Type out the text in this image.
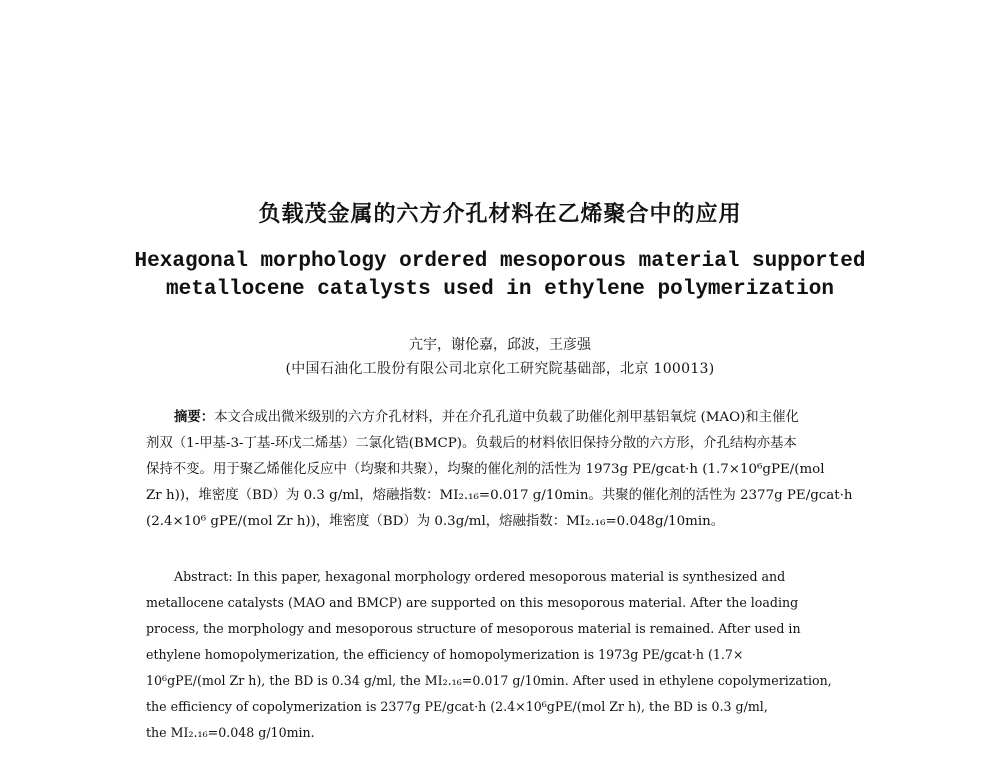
负载茂金属的六方介孔材料在乙烯聚合中的应用
Hexagonal morphology ordered mesoporous material supported
metallocene catalysts used in ethylene polymerization
亢宇，谢伦嘉，邱波，王彦强
(中国石油化工股份有限公司北京化工研究院基础部，北京 100013)
摘要：本文合成出微米级别的六方介孔材料，并在介孔孔道中负载了助催化剂甲基铝氧烷 (MAO)和主催化
剂双（1-甲基-3-丁基-环戊二烯基）二氯化锆(BMCP)。负载后的材料依旧保持分散的六方形，介孔结构亦基本
保持不变。用于聚乙烯催化反应中（均聚和共聚），均聚的催化剂的活性为 1973g PE/gcat·h (1.7×10⁶gPE/(mol
Zr h))，堆密度（BD）为 0.3 g/ml，熔融指数：MI₂.₁₆=0.017 g/10min。共聚的催化剂的活性为 2377g PE/gcat·h
(2.4×10⁶ gPE/(mol Zr h))，堆密度（BD）为 0.3g/ml，熔融指数：MI₂.₁₆=0.048g/10min。
Abstract: In this paper, hexagonal morphology ordered mesoporous material is synthesized and
metallocene catalysts (MAO and BMCP) are supported on this mesoporous material. After the loading
process, the morphology and mesoporous structure of mesoporous material is remained. After used in
ethylene homopolymerization, the efficiency of homopolymerization is 1973g PE/gcat·h (1.7×
10⁶gPE/(mol Zr h), the BD is 0.34 g/ml, the MI₂.₁₆=0.017 g/10min. After used in ethylene copolymerization,
the efficiency of copolymerization is 2377g PE/gcat·h (2.4×10⁶gPE/(mol Zr h), the BD is 0.3 g/ml,
the MI₂.₁₆=0.048 g/10min.
